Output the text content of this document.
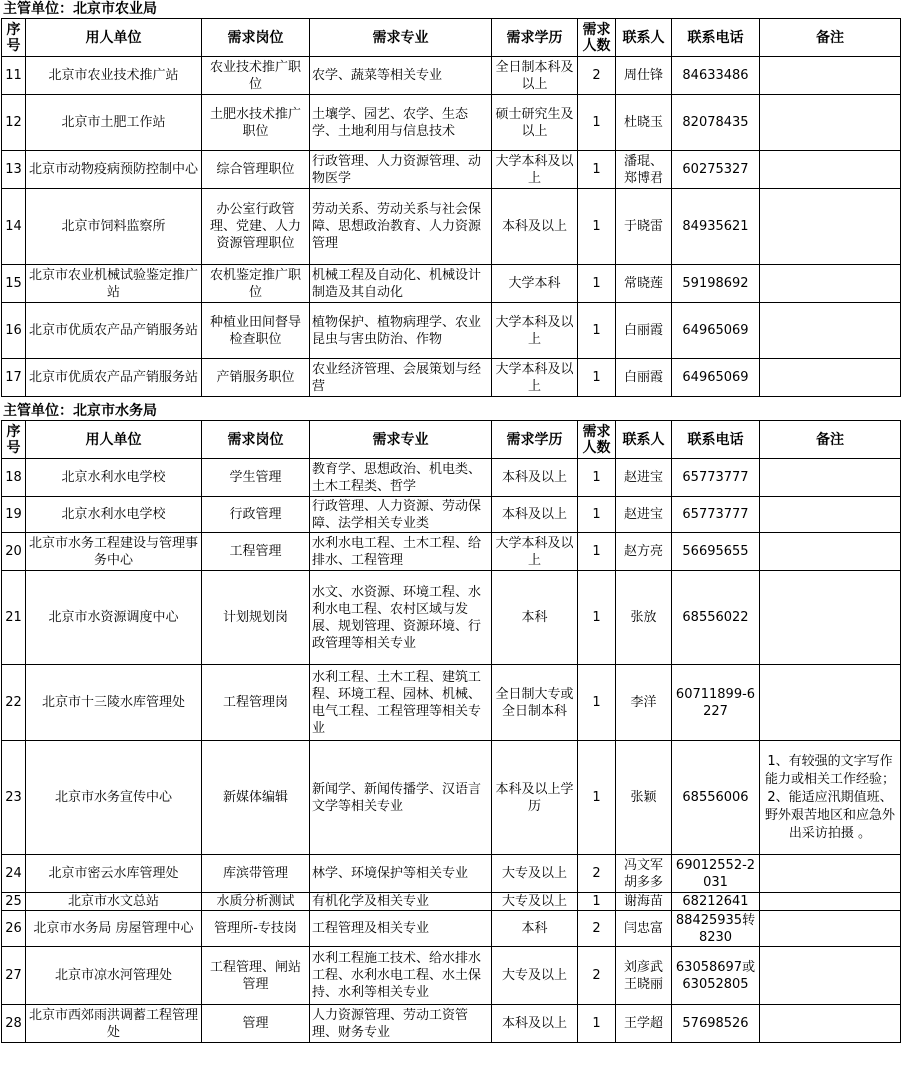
主管单位：北京市农业局
序号	用人单位	需求岗位	需求专业	需求学历	需求人数	联系人	联系电话	备注
11	北京市农业技术推广站	农业技术推广职位	农学、蔬菜等相关专业	全日制本科及以上	2	周仕锋	84633486	
12	北京市土肥工作站	土肥水技术推广职位	土壤学、园艺、农学、生态学、土地利用与信息技术	硕士研究生及以上	1	杜晓玉	82078435	
13	北京市动物疫病预防控制中心	综合管理职位	行政管理、人力资源管理、动物医学	大学本科及以上	1	潘琨、郑博君	60275327	
14	北京市饲料监察所	办公室行政管理、党建、人力资源管理职位	劳动关系、劳动关系与社会保障、思想政治教育、人力资源管理	本科及以上	1	于晓雷	84935621	
15	北京市农业机械试验鉴定推广站	农机鉴定推广职位	机械工程及自动化、机械设计制造及其自动化	大学本科	1	常晓莲	59198692	
16	北京市优质农产品产销服务站	种植业田间督导检查职位	植物保护、植物病理学、农业昆虫与害虫防治、作物	大学本科及以上	1	白丽霞	64965069	
17	北京市优质农产品产销服务站	产销服务职位	农业经济管理、会展策划与经营	大学本科及以上	1	白丽霞	64965069	
主管单位：北京市水务局
序号	用人单位	需求岗位	需求专业	需求学历	需求人数	联系人	联系电话	备注
18	北京水利水电学校	学生管理	教育学、思想政治、机电类、土木工程类、哲学	本科及以上	1	赵进宝	65773777	
19	北京水利水电学校	行政管理	行政管理、人力资源、劳动保障、法学相关专业类	本科及以上	1	赵进宝	65773777	
20	北京市水务工程建设与管理事务中心	工程管理	水利水电工程、土木工程、给排水、工程管理	大学本科及以上	1	赵方亮	56695655	
21	北京市水资源调度中心	计划规划岗	水文、水资源、环境工程、水利水电工程、农村区域与发展、规划管理、资源环境、行政管理等相关专业	本科	1	张放	68556022	
22	北京市十三陵水库管理处	工程管理岗	水利工程、土木工程、建筑工程、环境工程、园林、机械、电气工程、工程管理等相关专业	全日制大专或全日制本科	1	李洋	60711899-6227	
23	北京市水务宣传中心	新媒体编辑	新闻学、新闻传播学、汉语言文学等相关专业	本科及以上学历	1	张颖	68556006	1、有较强的文字写作能力或相关工作经验；2、能适应汛期值班、野外艰苦地区和应急外出采访拍摄 。
24	北京市密云水库管理处	库滨带管理	林学、环境保护等相关专业	大专及以上	2	冯文军胡多多	69012552-2031	
25	北京市水文总站	水质分析测试	有机化学及相关专业	大专及以上	1	谢海苗	68212641	
26	北京市水务局 房屋管理中心	管理所-专技岗	工程管理及相关专业	本科	2	闫忠富	88425935转8230	
27	北京市凉水河管理处	工程管理、闸站管理	水利工程施工技术、给水排水工程、水利水电工程、水土保持、水利等相关专业	大专及以上	2	刘彦武王晓丽	63058697或63052805	
28	北京市西郊雨洪调蓄工程管理处	管理	人力资源管理、劳动工资管理、财务专业	本科及以上	1	王学超	57698526	
